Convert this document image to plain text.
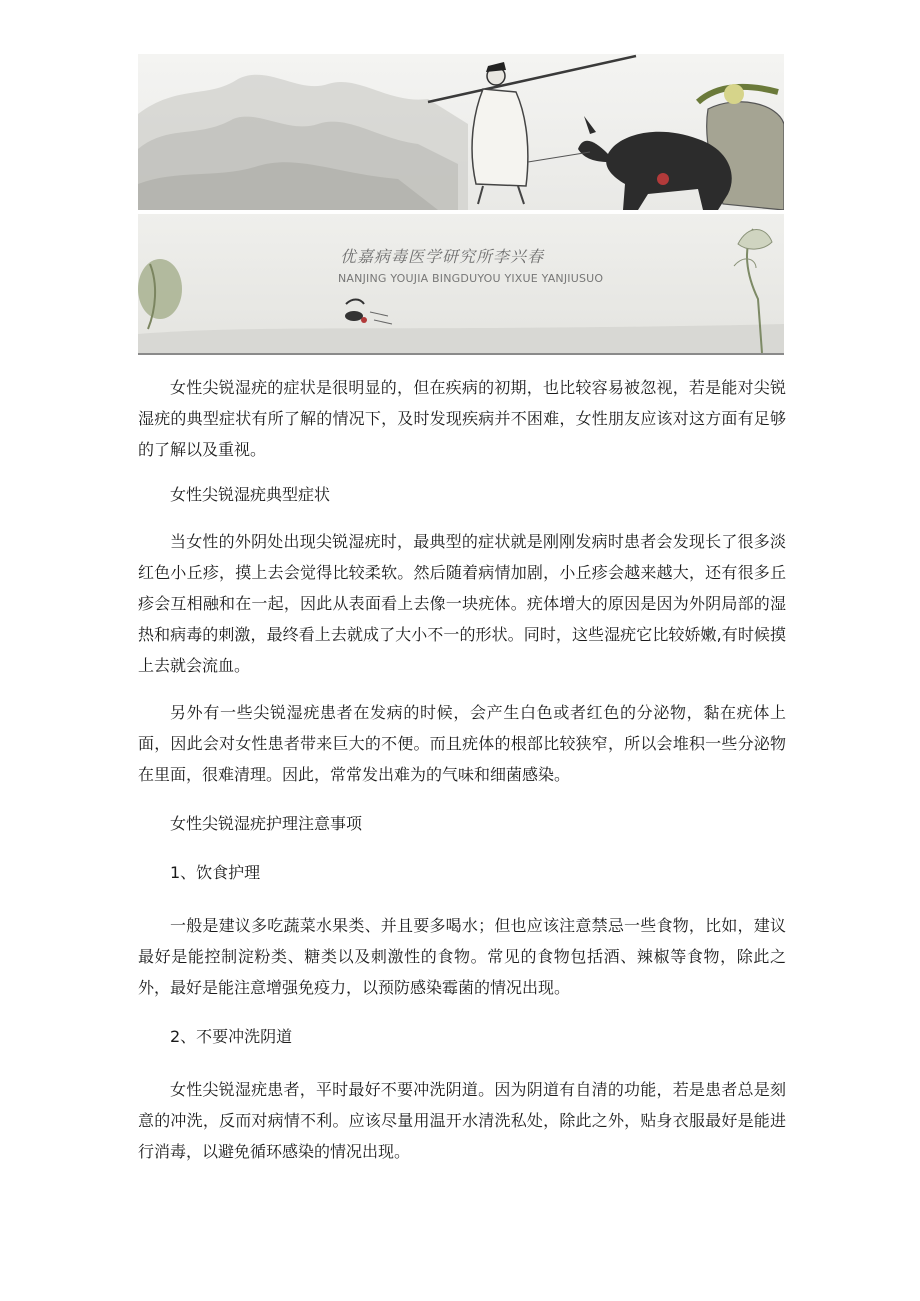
优嘉病毒医学研究所李兴春
NANJING YOUJIA BINGDUYOU YIXUE YANJIUSUO

女性尖锐湿疣的症状是很明显的，但在疾病的初期，也比较容易被忽视，若是能对尖锐湿疣的典型症状有所了解的情况下，及时发现疾病并不困难，女性朋友应该对这方面有足够的了解以及重视。

女性尖锐湿疣典型症状

当女性的外阴处出现尖锐湿疣时，最典型的症状就是刚刚发病时患者会发现长了很多淡红色小丘疹，摸上去会觉得比较柔软。然后随着病情加剧，小丘疹会越来越大，还有很多丘疹会互相融和在一起，因此从表面看上去像一块疣体。疣体增大的原因是因为外阴局部的湿热和病毒的刺激，最终看上去就成了大小不一的形状。同时，这些湿疣它比较娇嫩,有时候摸上去就会流血。

另外有一些尖锐湿疣患者在发病的时候，会产生白色或者红色的分泌物，黏在疣体上面，因此会对女性患者带来巨大的不便。而且疣体的根部比较狭窄，所以会堆积一些分泌物在里面，很难清理。因此，常常发出难为的气味和细菌感染。

女性尖锐湿疣护理注意事项

1、饮食护理

一般是建议多吃蔬菜水果类、并且要多喝水；但也应该注意禁忌一些食物，比如，建议最好是能控制淀粉类、糖类以及刺激性的食物。常见的食物包括酒、辣椒等食物，除此之外，最好是能注意增强免疫力，以预防感染霉菌的情况出现。

2、不要冲洗阴道

女性尖锐湿疣患者，平时最好不要冲洗阴道。因为阴道有自清的功能，若是患者总是刻意的冲洗，反而对病情不利。应该尽量用温开水清洗私处，除此之外，贴身衣服最好是能进行消毒，以避免循环感染的情况出现。
